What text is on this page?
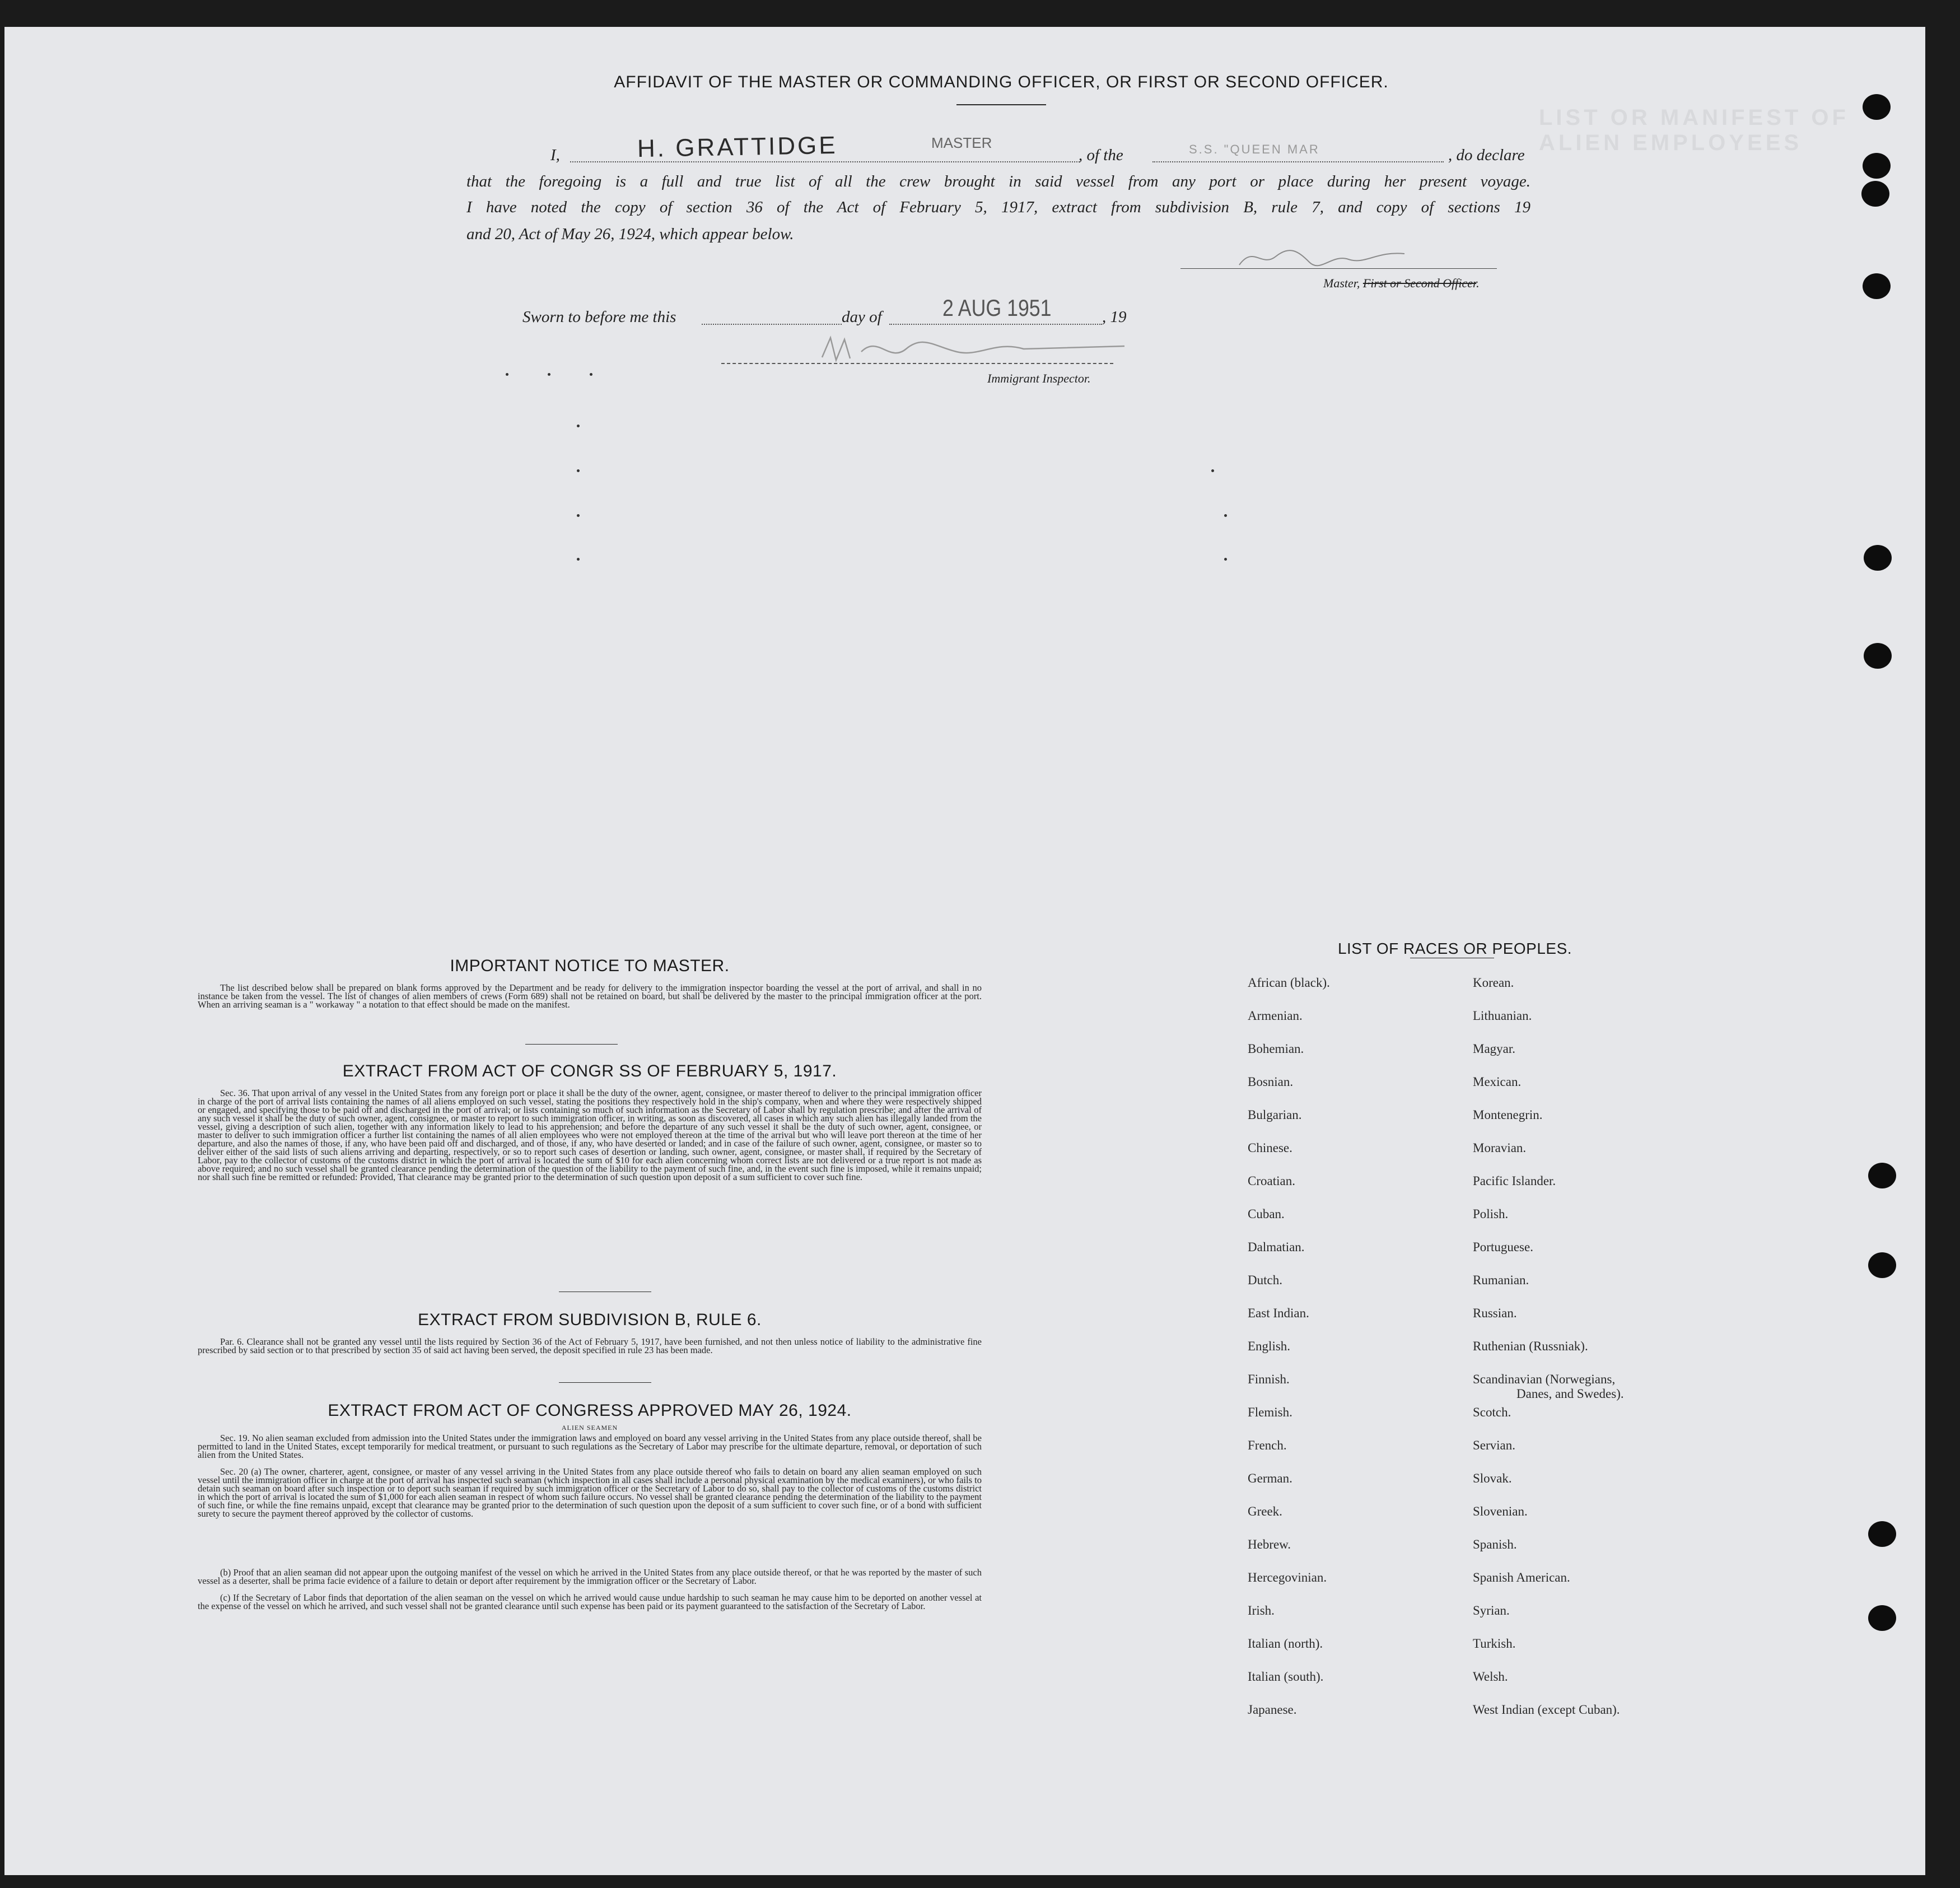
LIST OR MANIFEST OF ALIEN EMPLOYEES
AFFIDAVIT OF THE MASTER OR COMMANDING OFFICER, OR FIRST OR SECOND OFFICER.
I,	H. GRATTIDGE	MASTER
, of the	S.S. "QUEEN MAR	, do declare
that the foregoing is a full and true list of all the crew brought in said vessel from any port or place during her present voyage.
I have noted the copy of section 36 of the Act of February 5, 1917, extract from subdivision B, rule 7, and copy of sections 19
and 20, Act of May 26, 1924, which appear below.
Master, First or Second Officer.
Sworn to before me this	day of	2 AUG 1951	, 19
Immigrant Inspector.
IMPORTANT NOTICE TO MASTER.
The list described below shall be prepared on blank forms approved by the Department and be ready for delivery to the immigration inspector boarding the vessel at the port of arrival, and shall in no instance be taken from the vessel. The list of changes of alien members of crews (Form 689) shall not be retained on board, but shall be delivered by the master to the principal immigration officer at the port. When an arriving seaman is a " workaway " a notation to that effect should be made on the manifest.
EXTRACT FROM ACT OF CONGR SS OF FEBRUARY 5, 1917.
Sec. 36. That upon arrival of any vessel in the United States from any foreign port or place it shall be the duty of the owner, agent, consignee, or master thereof to deliver to the principal immigration officer in charge of the port of arrival lists containing the names of all aliens employed on such vessel, stating the positions they respectively hold in the ship's company, when and where they were respectively shipped or engaged, and specifying those to be paid off and discharged in the port of arrival; or lists containing so much of such information as the Secretary of Labor shall by regulation prescribe; and after the arrival of any such vessel it shall be the duty of such owner, agent, consignee, or master to report to such immigration officer, in writing, as soon as discovered, all cases in which any such alien has illegally landed from the vessel, giving a description of such alien, together with any information likely to lead to his apprehension; and before the departure of any such vessel it shall be the duty of such owner, agent, consignee, or master to deliver to such immigration officer a further list containing the names of all alien employees who were not employed thereon at the time of the arrival but who will leave port thereon at the time of her departure, and also the names of those, if any, who have been paid off and discharged, and of those, if any, who have deserted or landed; and in case of the failure of such owner, agent, consignee, or master so to deliver either of the said lists of such aliens arriving and departing, respectively, or so to report such cases of desertion or landing, such owner, agent, consignee, or master shall, if required by the Secretary of Labor, pay to the collector of customs of the customs district in which the port of arrival is located the sum of $10 for each alien concerning whom correct lists are not delivered or a true report is not made as above required; and no such vessel shall be granted clearance pending the determination of the question of the liability to the payment of such fine, and, in the event such fine is imposed, while it remains unpaid; nor shall such fine be remitted or refunded: Provided, That clearance may be granted prior to the determination of such question upon deposit of a sum sufficient to cover such fine.
EXTRACT FROM SUBDIVISION B, RULE 6.
Par. 6. Clearance shall not be granted any vessel until the lists required by Section 36 of the Act of February 5, 1917, have been furnished, and not then unless notice of liability to the administrative fine prescribed by said section or to that prescribed by section 35 of said act having been served, the deposit specified in rule 23 has been made.
EXTRACT FROM ACT OF CONGRESS APPROVED MAY 26, 1924.
ALIEN SEAMEN
Sec. 19. No alien seaman excluded from admission into the United States under the immigration laws and employed on board any vessel arriving in the United States from any place outside thereof, shall be permitted to land in the United States, except temporarily for medical treatment, or pursuant to such regulations as the Secretary of Labor may prescribe for the ultimate departure, removal, or deportation of such alien from the United States.
Sec. 20 (a) The owner, charterer, agent, consignee, or master of any vessel arriving in the United States from any place outside thereof who fails to detain on board any alien seaman employed on such vessel until the immigration officer in charge at the port of arrival has inspected such seaman (which inspection in all cases shall include a personal physical examination by the medical examiners), or who fails to detain such seaman on board after such inspection or to deport such seaman if required by such immigration officer or the Secretary of Labor to do so, shall pay to the collector of customs of the customs district in which the port of arrival is located the sum of $1,000 for each alien seaman in respect of whom such failure occurs. No vessel shall be granted clearance pending the determination of the liability to the payment of such fine, or while the fine remains unpaid, except that clearance may be granted prior to the determination of such question upon the deposit of a sum sufficient to cover such fine, or of a bond with sufficient surety to secure the payment thereof approved by the collector of customs.
(b) Proof that an alien seaman did not appear upon the outgoing manifest of the vessel on which he arrived in the United States from any place outside thereof, or that he was reported by the master of such vessel as a deserter, shall be prima facie evidence of a failure to detain or deport after requirement by the immigration officer or the Secretary of Labor.
(c) If the Secretary of Labor finds that deportation of the alien seaman on the vessel on which he arrived would cause undue hardship to such seaman he may cause him to be deported on another vessel at the expense of the vessel on which he arrived, and such vessel shall not be granted clearance until such expense has been paid or its payment guaranteed to the satisfaction of the Secretary of Labor.
LIST OF RACES OR PEOPLES.
African (black).
Armenian.
Bohemian.
Bosnian.
Bulgarian.
Chinese.
Croatian.
Cuban.
Dalmatian.
Dutch.
East Indian.
English.
Finnish.
Flemish.
French.
German.
Greek.
Hebrew.
Hercegovinian.
Irish.
Italian (north).
Italian (south).
Japanese.
Korean.
Lithuanian.
Magyar.
Mexican.
Montenegrin.
Moravian.
Pacific Islander.
Polish.
Portuguese.
Rumanian.
Russian.
Ruthenian (Russniak).
Scandinavian (Norwegians,
Danes, and Swedes).
Scotch.
Servian.
Slovak.
Slovenian.
Spanish.
Spanish American.
Syrian.
Turkish.
Welsh.
West Indian (except Cuban).
